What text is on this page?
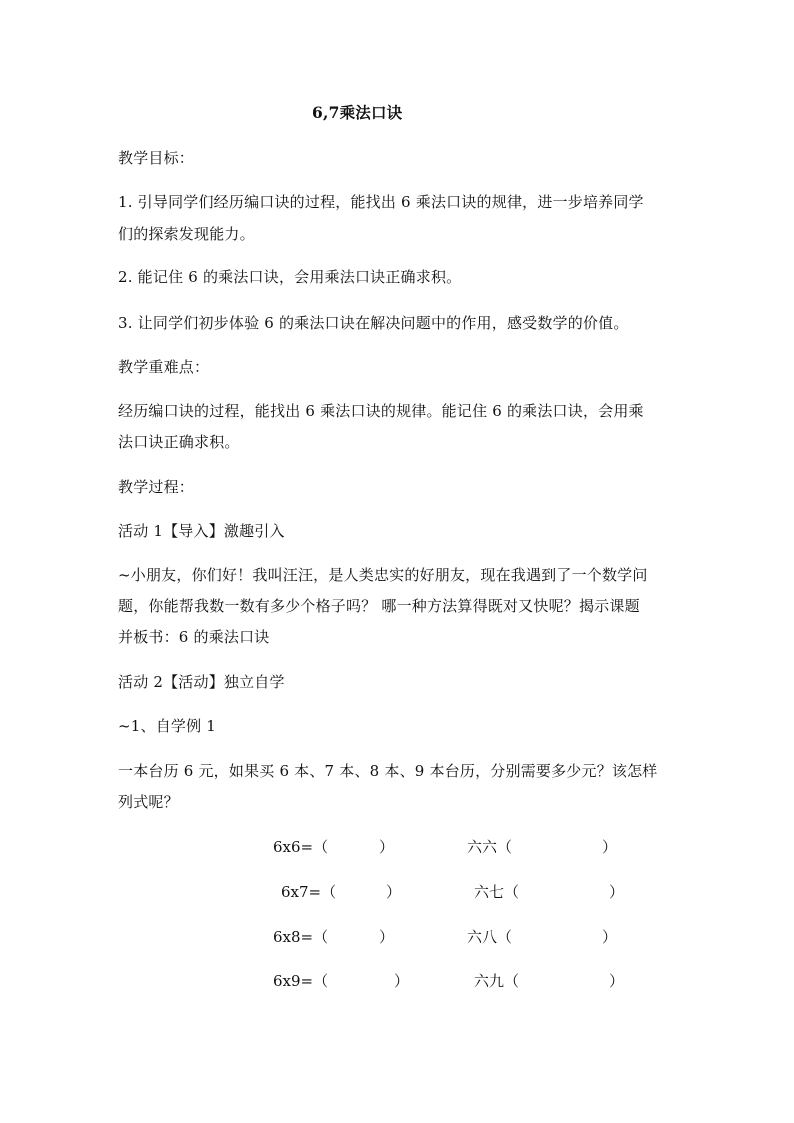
6,7乘法口诀
教学目标：
1. 引导同学们经历编口诀的过程，能找出 6 乘法口诀的规律，进一步培养同学
们的探索发现能力。
2. 能记住 6 的乘法口诀，会用乘法口诀正确求积。
3. 让同学们初步体验 6 的乘法口诀在解决问题中的作用，感受数学的价值。
教学重难点：
经历编口诀的过程，能找出 6 乘法口诀的规律。能记住 6 的乘法口诀，会用乘
法口诀正确求积。
教学过程：
活动 1【导入】激趣引入
~小朋友，你们好！我叫汪汪，是人类忠实的好朋友，现在我遇到了一个数学问
题，你能帮我数一数有多少个格子吗？ 哪一种方法算得既对又快呢？揭示课题
并板书：6 的乘法口诀
活动 2【活动】独立自学
~1、自学例 1
一本台历 6 元，如果买 6 本、7 本、8 本、9 本台历，分别需要多少元？该怎样
列式呢？
6x6=（	）	六六（	）
6x7=（	）	六七（	）
6x8=（	）	六八（	）
6x9=（	）	六九（	）
